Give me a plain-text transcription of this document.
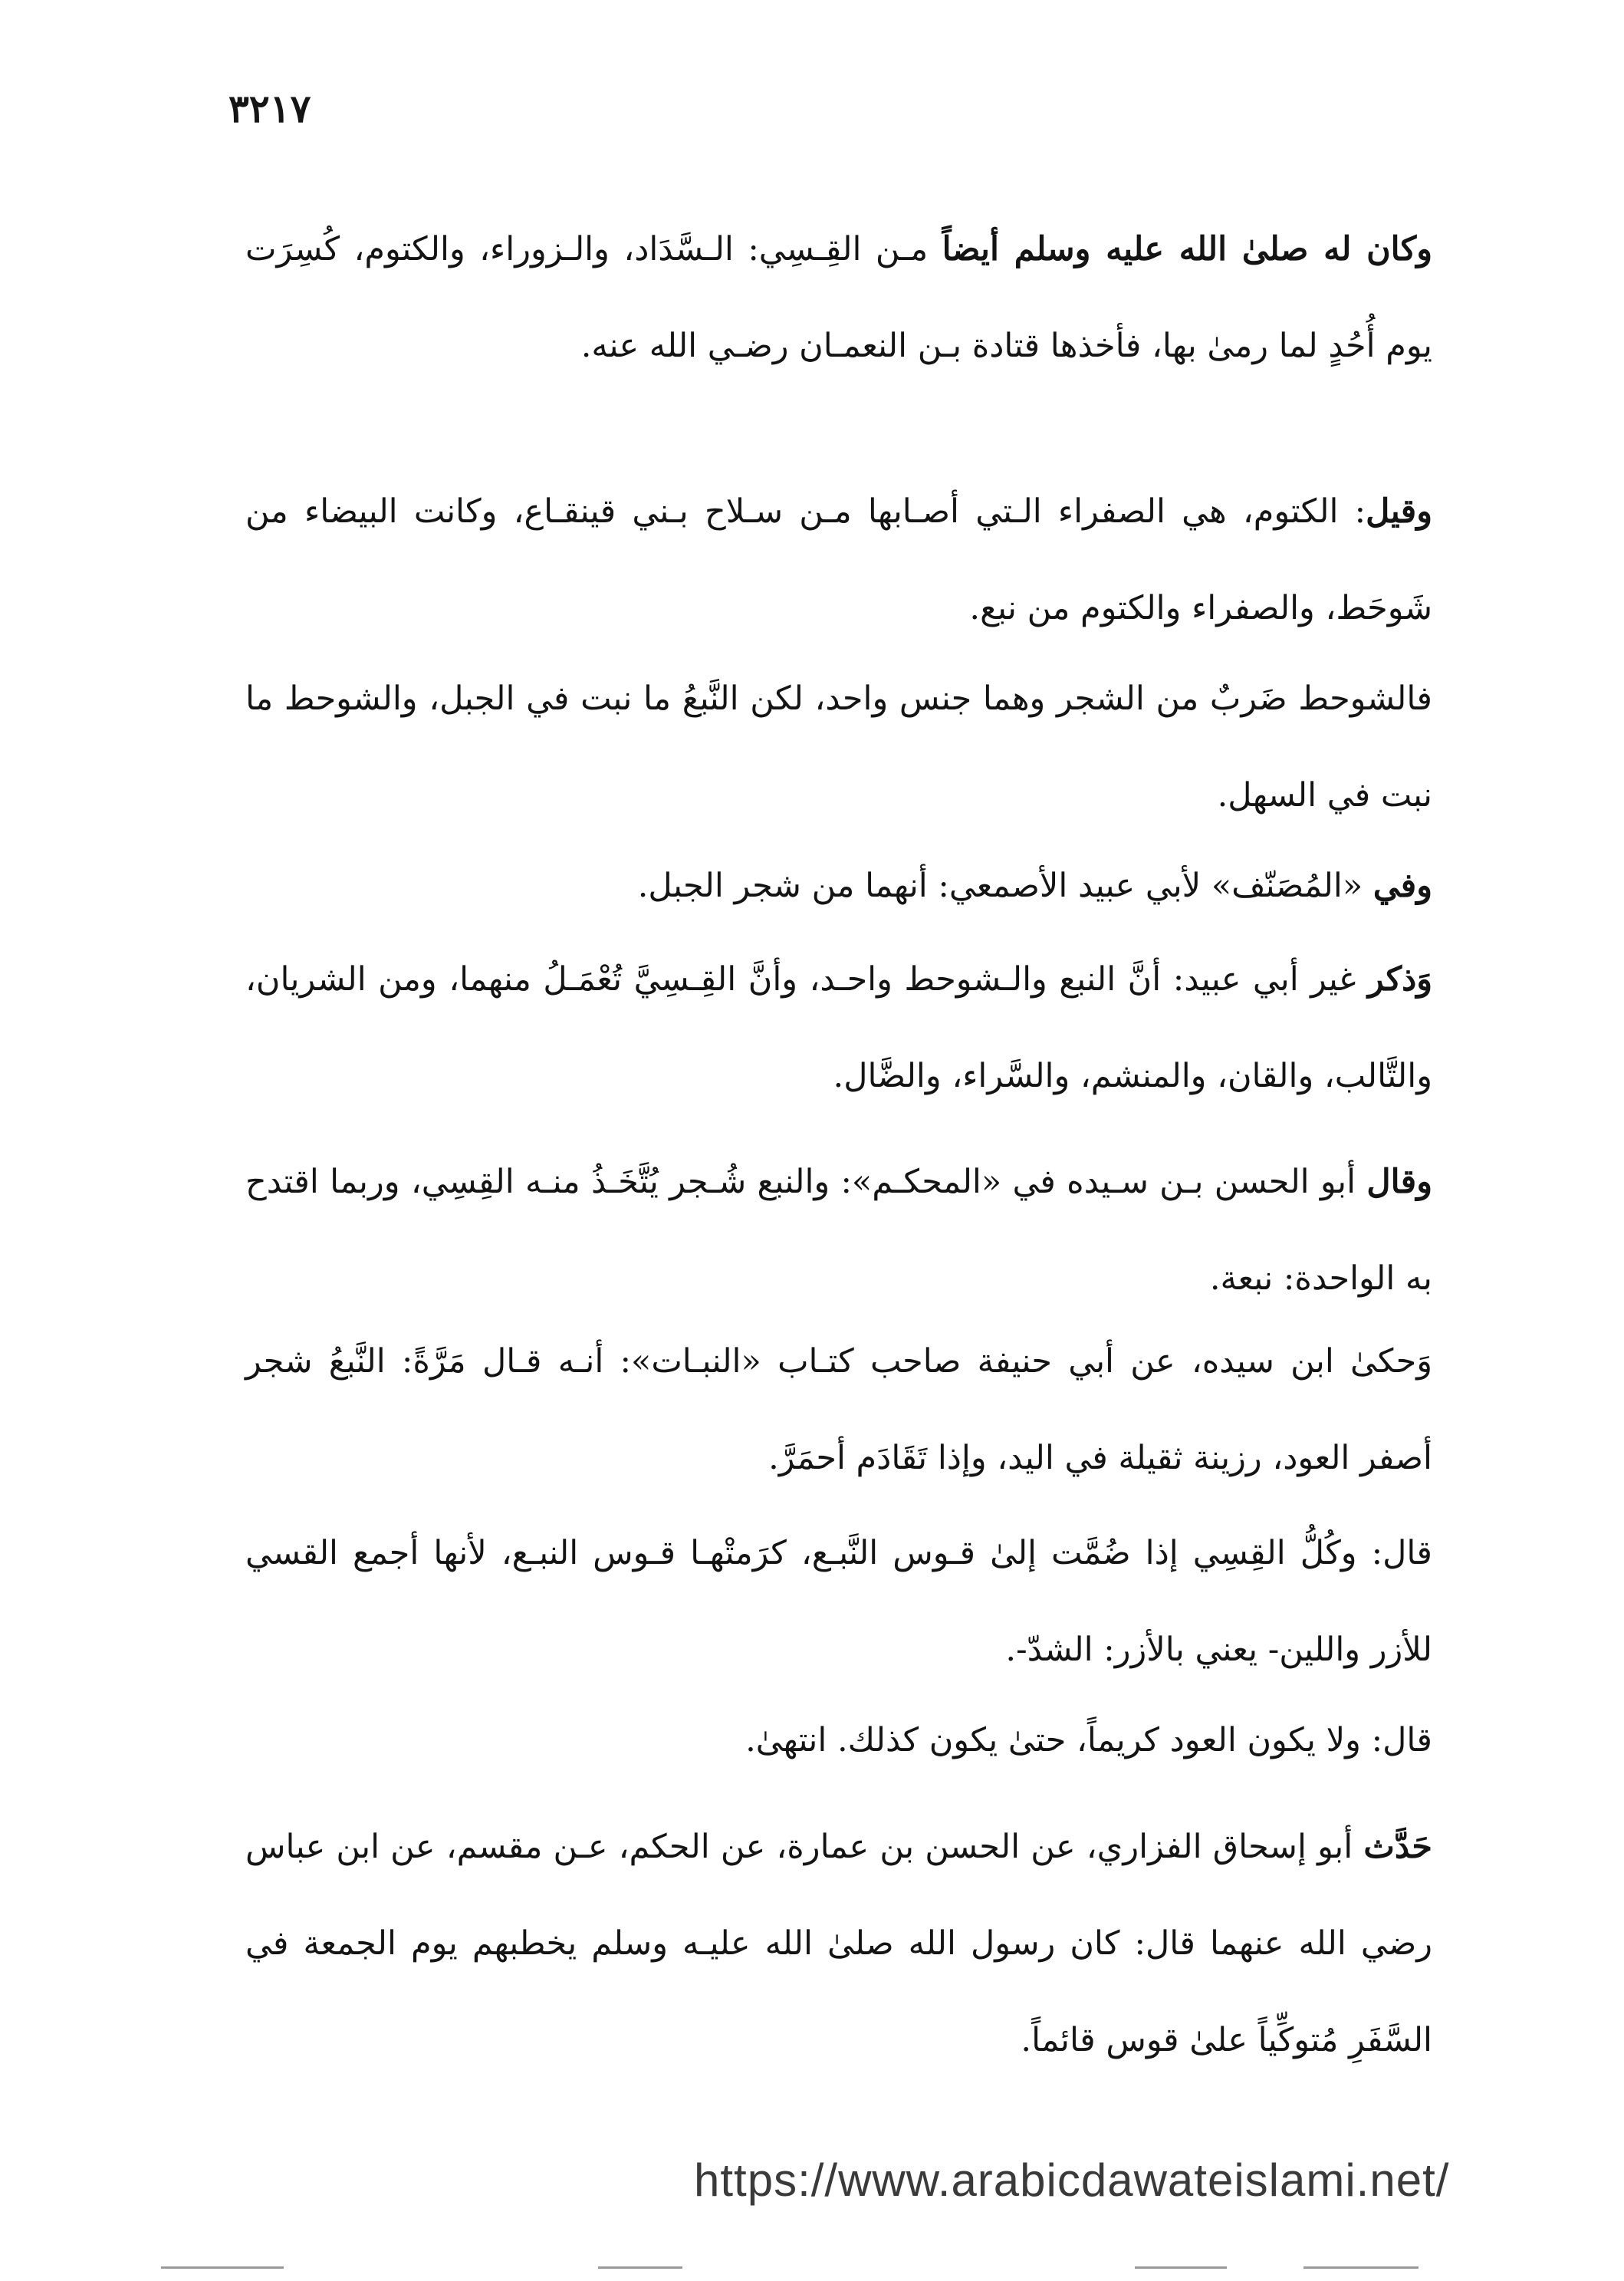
٣٢١٧

وكان له صلىٰ الله عليه وسلم أيضاً مـن القِـسِي: الـسَّدَاد، والـزوراء، والكتوم، كُسِرَت يوم أُحُدٍ لما رمىٰ بها، فأخذها قتادة بـن النعمـان رضـي الله عنه.

وقيل: الكتوم، هي الصفراء الـتي أصـابها مـن سـلاح بـني قينقـاع، وكانت البيضاء من شَوحَط، والصفراء والكتوم من نبع.

فالشوحط ضَربٌ من الشجر وهما جنس واحد، لكن النَّبعُ ما نبت في الجبل، والشوحط ما نبت في السهل.

وفي «المُصَنّف» لأبي عبيد الأصمعي: أنهما من شجر الجبل.

وَذكر غير أبي عبيد: أنَّ النبع والـشوحط واحـد، وأنَّ القِـسِيَّ تُعْمَـلُ منهما، ومن الشريان، والتَّالب، والقان، والمنشم، والسَّراء، والضَّال.

وقال أبو الحسن بـن سـيده في «المحكـم»: والنبع شُـجر يُتَّخَـذُ منـه القِسِي، وربما اقتدح به الواحدة: نبعة.

وَحكىٰ ابن سيده، عن أبي حنيفة صاحب كتـاب «النبـات»: أنـه قـال مَرَّةً: النَّبعُ شجر أصفر العود، رزينة ثقيلة في اليد، وإذا تَقَادَم أحمَرَّ.

قال: وكُلُّ القِسِي إذا ضُمَّت إلىٰ قـوس النَّبـع، كرَمتْهـا قـوس النبـع، لأنها أجمع القسي للأزر واللين- يعني بالأزر: الشدّ-.

قال: ولا يكون العود كريماً، حتىٰ يكون كذلك. انتهىٰ.

حَدَّث أبو إسحاق الفزاري، عن الحسن بن عمارة، عن الحكم، عـن مقسم، عن ابن عباس رضي الله عنهما قال: كان رسول الله صلىٰ الله عليـه وسلم يخطبهم يوم الجمعة في السَّفَرِ مُتوكِّياً علىٰ قوس قائماً.

https://www.arabicdawateislami.net/
